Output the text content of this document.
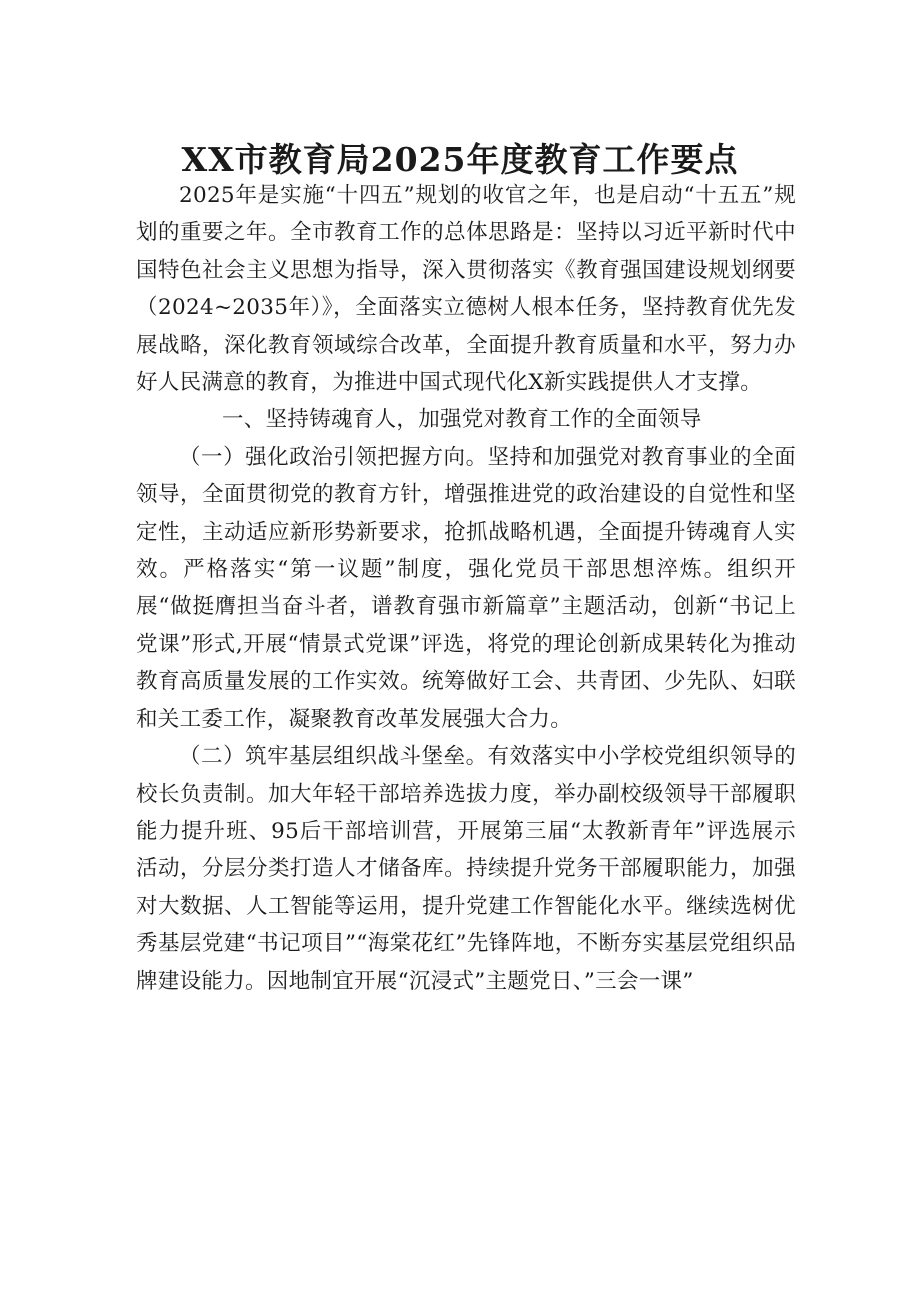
XX市教育局2025年度教育工作要点

2025年是实施“十四五”规划的收官之年，也是启动“十五五”规划的重要之年。全市教育工作的总体思路是：坚持以习近平新时代中国特色社会主义思想为指导，深入贯彻落实《教育强国建设规划纲要（2024~2035年）》，全面落实立德树人根本任务，坚持教育优先发展战略，深化教育领域综合改革，全面提升教育质量和水平，努力办好人民满意的教育，为推进中国式现代化X新实践提供人才支撑。

一、坚持铸魂育人，加强党对教育工作的全面领导

（一）强化政治引领把握方向。坚持和加强党对教育事业的全面领导，全面贯彻党的教育方针，增强推进党的政治建设的自觉性和坚定性，主动适应新形势新要求，抢抓战略机遇，全面提升铸魂育人实效。严格落实“第一议题”制度，强化党员干部思想淬炼。组织开展“做挺膺担当奋斗者，谱教育强市新篇章”主题活动，创新“书记上党课”形式,开展“情景式党课”评选，将党的理论创新成果转化为推动教育高质量发展的工作实效。统筹做好工会、共青团、少先队、妇联和关工委工作，凝聚教育改革发展强大合力。

（二）筑牢基层组织战斗堡垒。有效落实中小学校党组织领导的校长负责制。加大年轻干部培养选拔力度，举办副校级领导干部履职能力提升班、95后干部培训营，开展第三届“太教新青年”评选展示活动，分层分类打造人才储备库。持续提升党务干部履职能力，加强对大数据、人工智能等运用，提升党建工作智能化水平。继续选树优秀基层党建“书记项目”“海棠花红”先锋阵地，不断夯实基层党组织品牌建设能力。因地制宜开展“沉浸式”主题党日、”三会一课”
